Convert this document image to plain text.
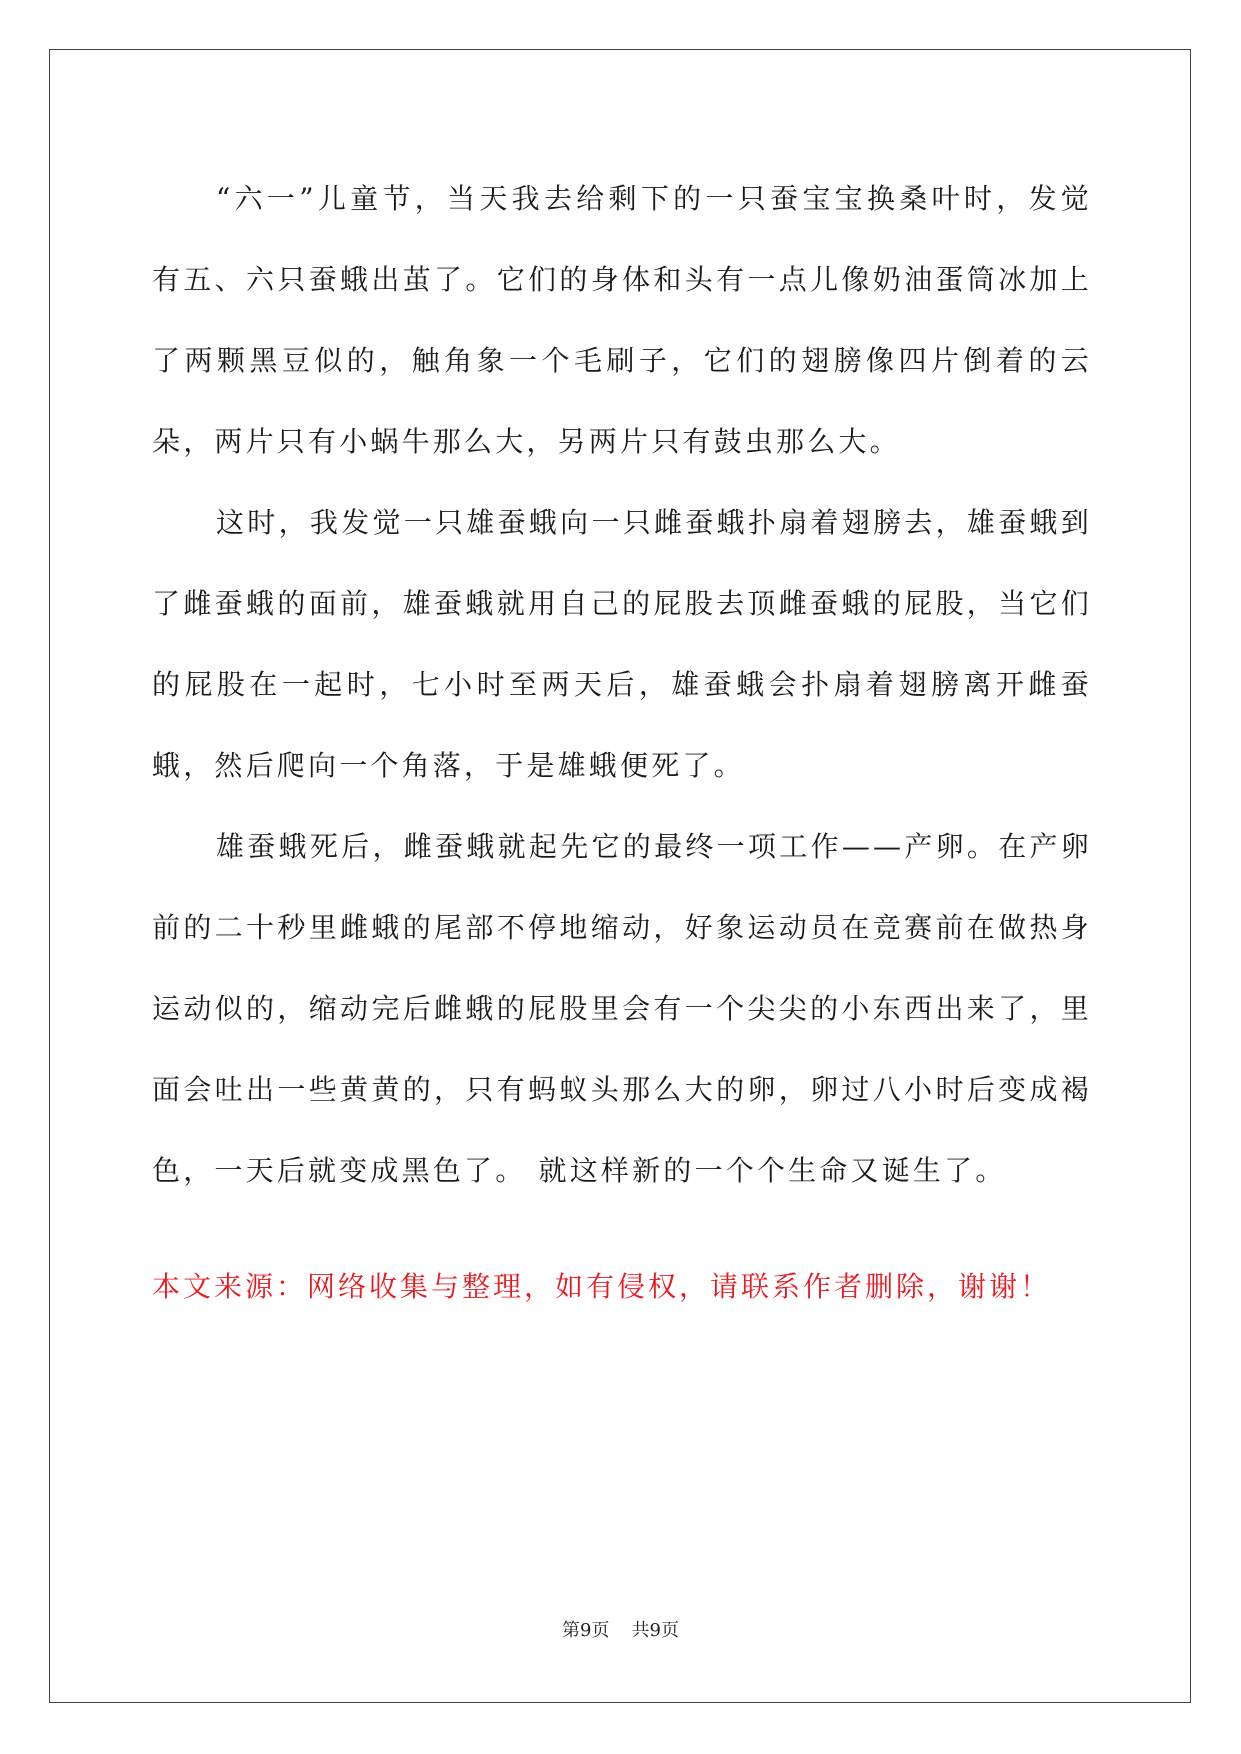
“六一”儿童节，当天我去给剩下的一只蚕宝宝换桑叶时，发觉有五、六只蚕蛾出茧了。它们的身体和头有一点儿像奶油蛋筒冰加上了两颗黑豆似的，触角象一个毛刷子，它们的翅膀像四片倒着的云朵，两片只有小蜗牛那么大，另两片只有鼓虫那么大。

这时，我发觉一只雄蚕蛾向一只雌蚕蛾扑扇着翅膀去，雄蚕蛾到了雌蚕蛾的面前，雄蚕蛾就用自己的屁股去顶雌蚕蛾的屁股，当它们的屁股在一起时，七小时至两天后，雄蚕蛾会扑扇着翅膀离开雌蚕蛾，然后爬向一个角落，于是雄蛾便死了。

雄蚕蛾死后，雌蚕蛾就起先它的最终一项工作——产卵。在产卵前的二十秒里雌蛾的尾部不停地缩动，好象运动员在竞赛前在做热身运动似的，缩动完后雌蛾的屁股里会有一个尖尖的小东西出来了，里面会吐出一些黄黄的，只有蚂蚁头那么大的卵，卵过八小时后变成褐色，一天后就变成黑色了。 就这样新的一个个生命又诞生了。

本文来源：网络收集与整理，如有侵权，请联系作者删除，谢谢！

第9页 共9页
